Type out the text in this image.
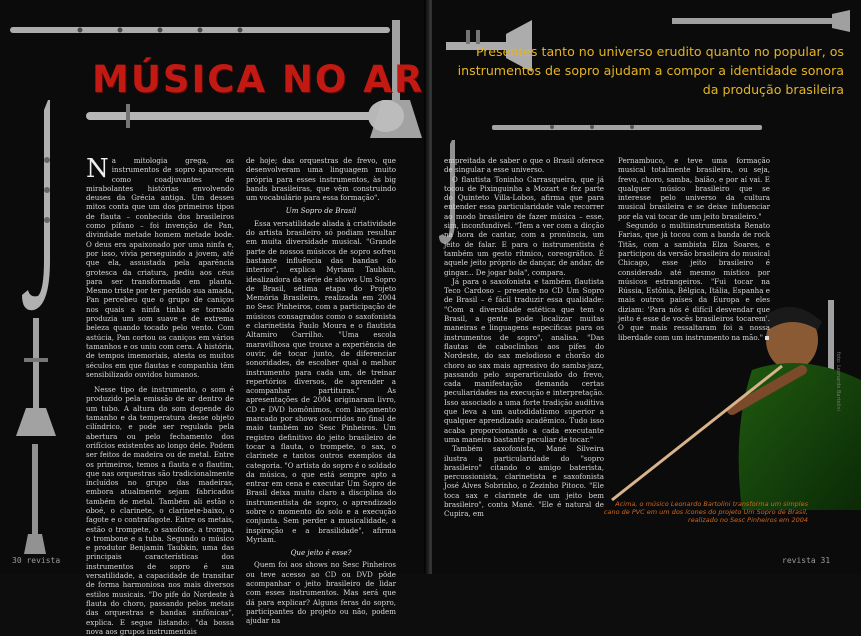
MÚSICA NO AR
N a mitologia grega, os instrumentos de sopro aparecem como coadjuvantes de mirabolantes histórias envolvendo deuses da Grécia antiga. Um desses mitos conta que um dos primeiros tipos de flauta – conhecida dos brasileiros como pífano – foi invenção de Pan, divindade metade homem metade bode. O deus era apaixonado por uma ninfa e, por isso, vivia perseguindo a jovem, até que ela, assustada pela aparência grotesca da criatura, pediu aos céus para ser transformada em planta. Mesmo triste por ter perdido sua amada, Pan percebeu que o grupo de caniços nos quais a ninfa tinha se tornado produzia um som suave e de extrema beleza quando tocado pelo vento. Com astúcia, Pan cortou os caniços em vários tamanhos e os uniu com cera. A história, de tempos imemoriais, atesta os muitos séculos em que flautas e companhia têm sensibilizado ouvidos humanos.

Nesse tipo de instrumento, o som é produzido pela emissão de ar dentro de um tubo. A altura do som depende do tamanho e da temperatura desse objeto cilíndrico, e pode ser regulada pela abertura ou pelo fechamento dos orifícios existentes ao longo dele. Podem ser feitos de madeira ou de metal. Entre os primeiros, temos a flauta e o flautim, que nas orquestras são tradicionalmente incluídos no grupo das madeiras, embora atualmente sejam fabricados também de metal. Também ali estão o oboé, o clarinete, o clarinete-baixo, o fagote e o contrafagote. Entre os metais, estão o trompete, o saxofone, a trompa, o trombone e a tuba. Segundo o músico e produtor Benjamin Taubkin, uma das principais características dos instrumentos de sopro é sua versatilidade, a capacidade de transitar de forma harmoniosa nos mais diversos estilos musicais. "Do pife do Nordeste à flauta do choro, passando pelos metais das orquestras e bandas sinfônicas", explica. E segue listando: "da bossa nova aos grupos instrumentais

de hoje; das orquestras de frevo, que desenvolveram uma linguagem muito própria para esses instrumentos, às big bands brasileiras, que vêm construindo um vocabulário para essa formação".

Um Sopro de Brasil

Essa versatilidade aliada à criatividade do artista brasileiro só podiam resultar em muita diversidade musical. "Grande parte de nossos músicos de sopro sofreu bastante influência das bandas do interior", explica Myriam Taubkin, idealizadora da série de shows Um Sopro de Brasil, sétima etapa do Projeto Memória Brasileira, realizada em 2004 no Sesc Pinheiros, com a participação de músicos consagrados como o saxofonista e clarinetista Paulo Moura e o flautista Altamiro Carrilho. "Uma escola maravilhosa que trouxe a experiência de ouvir, de tocar junto, de diferenciar sonoridades, de escolher qual o melhor instrumento para cada um, de treinar repertórios diversos, de aprender a acompanhar partituras." As apresentações de 2004 originaram livro, CD e DVD homônimos, com lançamento marcado por shows ocorridos no final de maio também no Sesc Pinheiros. Um registro definitivo do jeito brasileiro de tocar a flauta, o trompete, o sax, o clarinete e tantos outros exemplos da categoria. "O artista do sopro é o soldado da música, o que está sempre apto a entrar em cena e executar Um Sopro de Brasil deixa muito claro a disciplina do instrumentista de sopro, o aprendizado sobre o momento do solo e a execução conjunta. Sem perder a musicalidade, a inspiração e a brasilidade", afirma Myriam.

Que jeito é esse?

Quem foi aos shows no Sesc Pinheiros ou teve acesso ao CD ou DVD pôde acompanhar o jeito brasileiro de lidar com esses instrumentos. Mas será que dá para explicar? Alguns feras do sopro, participantes do projeto ou não, podem ajudar na

30 revista
Presentes tanto no universo erudito quanto no popular, os instrumentos de sopro ajudam a compor a identidade sonora da produção brasileira

empreitada de saber o que o Brasil oferece de singular a esse universo.

O flautista Toninho Carrasqueira, que já tocou de Pixinguinha a Mozart e fez parte do Quinteto Villa-Lobos, afirma que para entender essa particularidade vale recorrer ao modo brasileiro de fazer música – esse, sim, inconfundível. "Tem a ver com a dicção na hora de cantar, com a pronúncia, um jeito de falar. E para o instrumentista é também um gesto rítmico, coreográfico. É aquele jeito próprio de dançar, de andar, de gingar... De jogar bola", compara.

Já para o saxofonista e também flautista Teco Cardoso – presente no CD Um Sopro de Brasil – é fácil traduzir essa qualidade: "Com a diversidade estética que tem o Brasil, a gente pode localizar muitas maneiras e linguagens específicas para os instrumentos de sopro", analisa. "Das flautas de caboclinhos aos pifes do Nordeste, do sax melodioso e chorão do choro ao sax mais agressivo do samba-jazz, passando pelo superarticulado do frevo, cada manifestação demanda certas peculiaridades na execução e interpretação. Isso associado a uma forte tradição auditiva que leva a um autodidatismo superior a qualquer aprendizado acadêmico. Tudo isso acaba proporcionando a cada executante uma maneira bastante peculiar de tocar."

Também saxofonista, Mané Silveira ilustra a particularidade do "sopro brasileiro" citando o amigo baterista, percussionista, clarinetista e saxofonista José Alves Sobrinho, o Zezinho Pitoco. "Ele toca sax e clarinete de um jeito bem brasileiro", conta Mané. "Ele é natural de Cupira, em

Pernambuco, e teve uma formação musical totalmente brasileira, ou seja, frevo, choro, samba, baião, e por aí vai. E qualquer músico brasileiro que se interesse pelo universo da cultura musical brasileira e se deixe influenciar por ela vai tocar de um jeito brasileiro."

Segundo o multiinstrumentista Renato Farias, que já tocou com a banda de rock Titãs, com a sambista Elza Soares, e participou da versão brasileira do musical Chicago, esse jeito brasileiro é considerado até mesmo místico por músicos estrangeiros. "Fui tocar na Rússia, Estônia, Bélgica, Itália, Espanha e mais outros países da Europa e eles diziam: 'Para nós é difícil desvendar que jeito é esse de vocês brasileiros tocarem'. O que mais ressaltaram foi a nossa liberdade com um instrumento na mão."

revista 31
Acima, o músico Leonardo Bartolini transforma um simples cano de PVC em um dos ícones do projeto Um Sopro de Brasil, realizado no Sesc Pinheiros em 2004
foto: Leonardo Bartolini
